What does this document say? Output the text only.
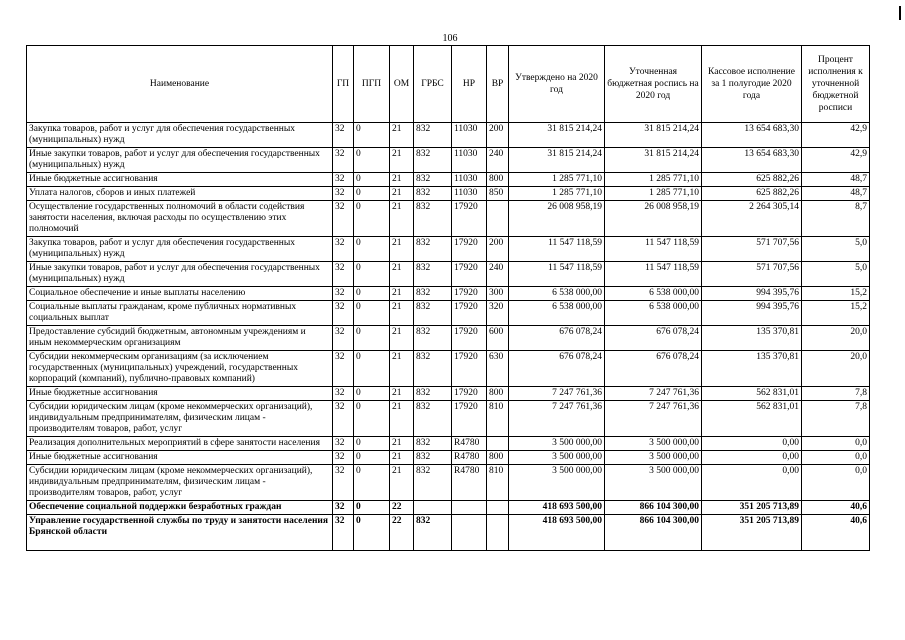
106
Наименование	ГП	ПГП	ОМ	ГРБС	НР	ВР	Утверждено на 2020 год	Уточненная бюджетная роспись на 2020 год	Кассовое исполнение за 1 полугодие 2020 года	Процент исполнения к уточненной бюджетной росписи
Закупка товаров, работ и услуг для обеспечения государственных (муниципальных) нужд	32	0	21	832	11030	200	31 815 214,24	31 815 214,24	13 654 683,30	42,9
Иные закупки товаров, работ и услуг для обеспечения государственных (муниципальных) нужд	32	0	21	832	11030	240	31 815 214,24	31 815 214,24	13 654 683,30	42,9
Иные бюджетные ассигнования	32	0	21	832	11030	800	1 285 771,10	1 285 771,10	625 882,26	48,7
Уплата налогов, сборов и иных платежей	32	0	21	832	11030	850	1 285 771,10	1 285 771,10	625 882,26	48,7
Осуществление государственных полномочий в области содействия занятости населения, включая расходы по осуществлению этих полномочий	32	0	21	832	17920		26 008 958,19	26 008 958,19	2 264 305,14	8,7
Закупка товаров, работ и услуг для обеспечения государственных (муниципальных) нужд	32	0	21	832	17920	200	11 547 118,59	11 547 118,59	571 707,56	5,0
Иные закупки товаров, работ и услуг для обеспечения государственных (муниципальных) нужд	32	0	21	832	17920	240	11 547 118,59	11 547 118,59	571 707,56	5,0
Социальное обеспечение и иные выплаты населению	32	0	21	832	17920	300	6 538 000,00	6 538 000,00	994 395,76	15,2
Социальные выплаты гражданам, кроме публичных нормативных социальных выплат	32	0	21	832	17920	320	6 538 000,00	6 538 000,00	994 395,76	15,2
Предоставление субсидий бюджетным, автономным учреждениям и иным некоммерческим организациям	32	0	21	832	17920	600	676 078,24	676 078,24	135 370,81	20,0
Субсидии некоммерческим организациям (за исключением государственных (муниципальных) учреждений, государственных корпораций (компаний), публично-правовых компаний)	32	0	21	832	17920	630	676 078,24	676 078,24	135 370,81	20,0
Иные бюджетные ассигнования	32	0	21	832	17920	800	7 247 761,36	7 247 761,36	562 831,01	7,8
Субсидии юридическим лицам (кроме некоммерческих организаций), индивидуальным предпринимателям, физическим лицам - производителям товаров, работ, услуг	32	0	21	832	17920	810	7 247 761,36	7 247 761,36	562 831,01	7,8
Реализация дополнительных мероприятий в сфере занятости населения	32	0	21	832	R4780		3 500 000,00	3 500 000,00	0,00	0,0
Иные бюджетные ассигнования	32	0	21	832	R4780	800	3 500 000,00	3 500 000,00	0,00	0,0
Субсидии юридическим лицам (кроме некоммерческих организаций), индивидуальным предпринимателям, физическим лицам - производителям товаров, работ, услуг	32	0	21	832	R4780	810	3 500 000,00	3 500 000,00	0,00	0,0
Обеспечение социальной поддержки безработных граждан	32	0	22				418 693 500,00	866 104 300,00	351 205 713,89	40,6
Управление государственной службы по труду и занятости населения Брянской области	32	0	22	832			418 693 500,00	866 104 300,00	351 205 713,89	40,6
